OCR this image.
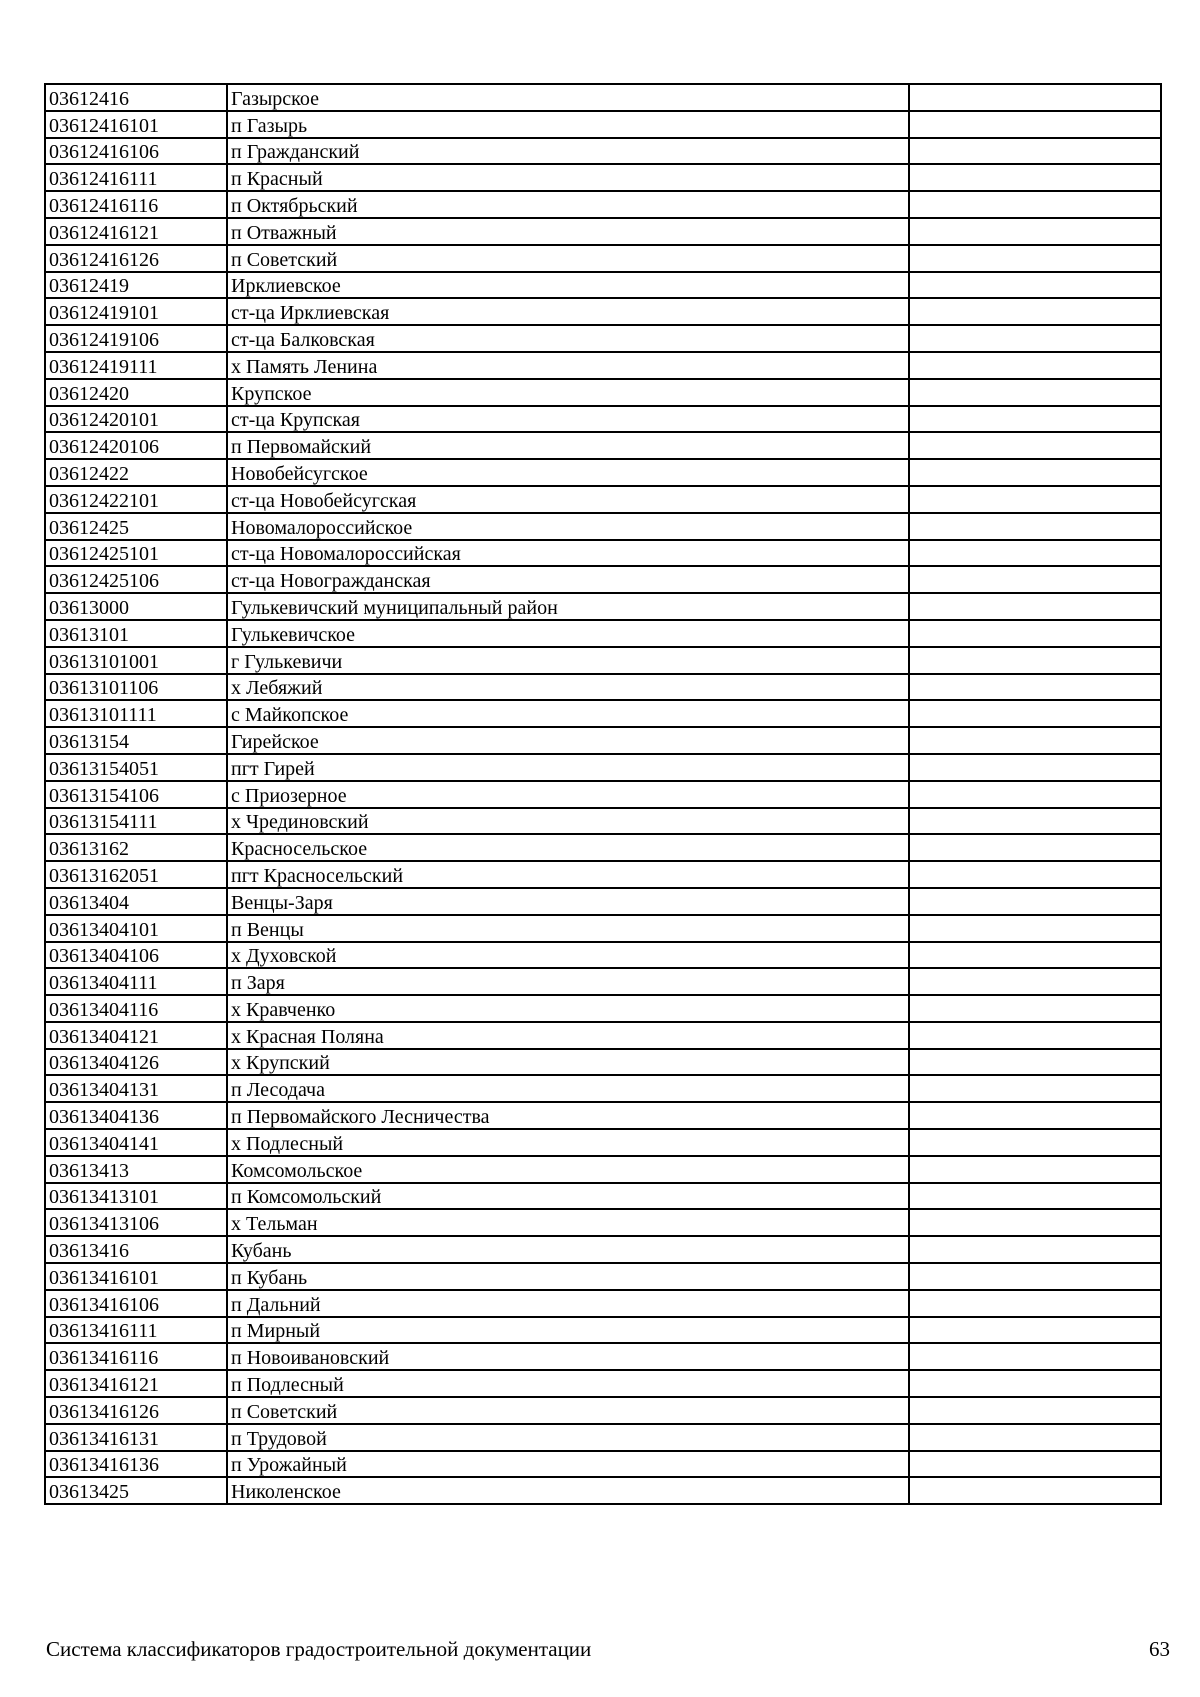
03612416	Газырское	
03612416101	п Газырь	
03612416106	п Гражданский	
03612416111	п Красный	
03612416116	п Октябрьский	
03612416121	п Отважный	
03612416126	п Советский	
03612419	Ирклиевское	
03612419101	ст-ца Ирклиевская	
03612419106	ст-ца Балковская	
03612419111	х Память Ленина	
03612420	Крупское	
03612420101	ст-ца Крупская	
03612420106	п Первомайский	
03612422	Новобейсугское	
03612422101	ст-ца Новобейсугская	
03612425	Новомалороссийское	
03612425101	ст-ца Новомалороссийская	
03612425106	ст-ца Новогражданская	
03613000	Гулькевичский муниципальный район	
03613101	Гулькевичское	
03613101001	г Гулькевичи	
03613101106	х Лебяжий	
03613101111	с Майкопское	
03613154	Гирейское	
03613154051	пгт Гирей	
03613154106	с Приозерное	
03613154111	х Чрединовский	
03613162	Красносельское	
03613162051	пгт Красносельский	
03613404	Венцы-Заря	
03613404101	п Венцы	
03613404106	х Духовской	
03613404111	п Заря	
03613404116	х Кравченко	
03613404121	х Красная Поляна	
03613404126	х Крупский	
03613404131	п Лесодача	
03613404136	п Первомайского Лесничества	
03613404141	х Подлесный	
03613413	Комсомольское	
03613413101	п Комсомольский	
03613413106	х Тельман	
03613416	Кубань	
03613416101	п Кубань	
03613416106	п Дальний	
03613416111	п Мирный	
03613416116	п Новоивановский	
03613416121	п Подлесный	
03613416126	п Советский	
03613416131	п Трудовой	
03613416136	п Урожайный	
03613425	Николенское	
Система классификаторов градостроительной документации	63
